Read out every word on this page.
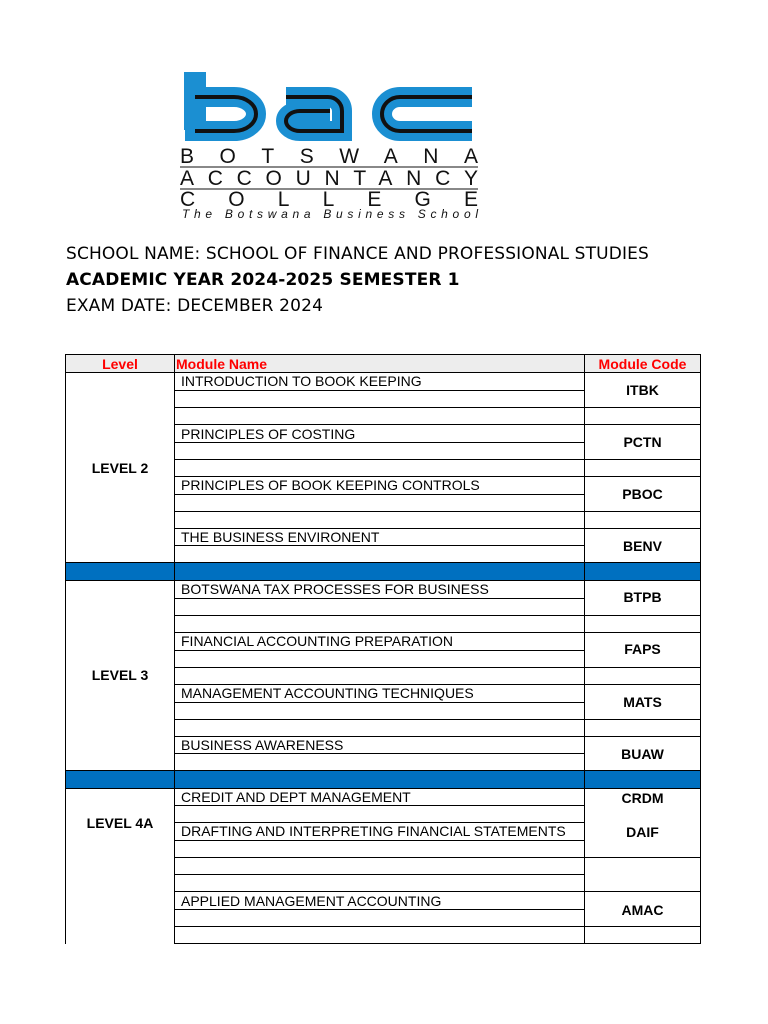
BOTSWANA
ACCOUNTANCY
COLLEGE
The Botswana Business School
SCHOOL NAME: SCHOOL OF FINANCE AND PROFESSIONAL STUDIES
ACADEMIC YEAR 2024-2025 SEMESTER 1
EXAM DATE: DECEMBER 2024
Level	Module Name	Module Code
LEVEL 2
LEVEL 3
LEVEL 4A
INTRODUCTION TO BOOK KEEPING
PRINCIPLES OF COSTING
PRINCIPLES OF BOOK KEEPING CONTROLS
THE BUSINESS ENVIRONENT
BOTSWANA TAX PROCESSES FOR BUSINESS
FINANCIAL ACCOUNTING PREPARATION
MANAGEMENT ACCOUNTING TECHNIQUES
BUSINESS AWARENESS
CREDIT AND DEPT MANAGEMENT
DRAFTING AND INTERPRETING FINANCIAL STATEMENTS
APPLIED MANAGEMENT ACCOUNTING
ITBK
PCTN
PBOC
BENV
BTPB
FAPS
MATS
BUAW
CRDM
DAIF
AMAC
